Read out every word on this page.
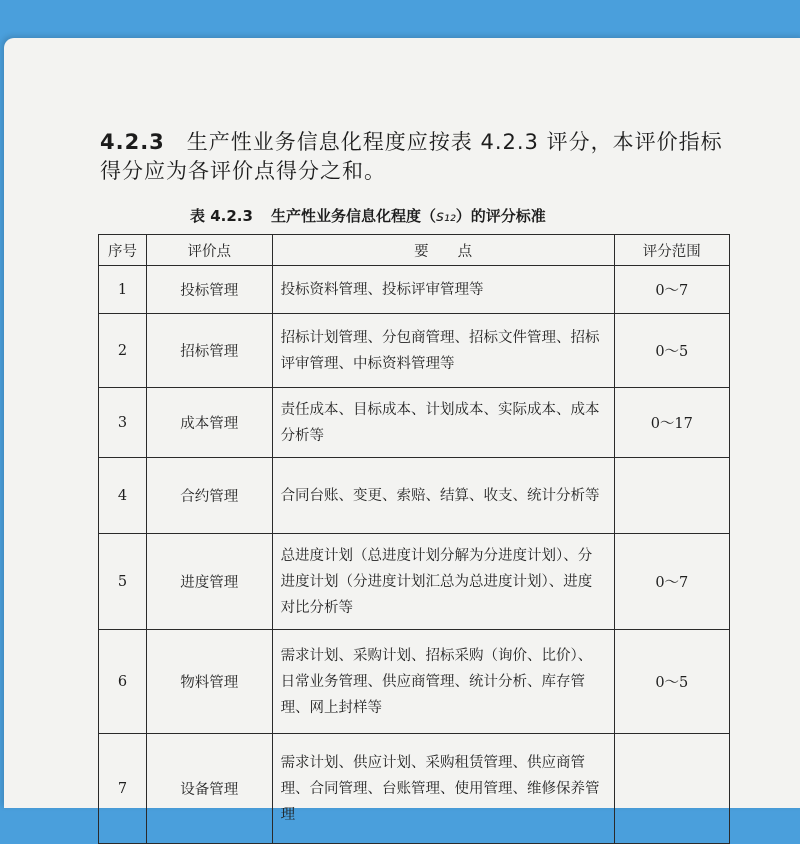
4.2.3 生产性业务信息化程度应按表 4.2.3 评分，本评价指标得分应为各评价点得分之和。
表 4.2.3 生产性业务信息化程度（s₁₂）的评分标准
序号	评价点	要　　点	评分范围
1	投标管理	投标资料管理、投标评审管理等	0～7
2	招标管理	招标计划管理、分包商管理、招标文件管理、招标评审管理、中标资料管理等	0～5
3	成本管理	责任成本、目标成本、计划成本、实际成本、成本分析等	0～17
4	合约管理	合同台账、变更、索赔、结算、收支、统计分析等	
5	进度管理	总进度计划（总进度计划分解为分进度计划）、分进度计划（分进度计划汇总为总进度计划）、进度对比分析等	0～7
6	物料管理	需求计划、采购计划、招标采购（询价、比价）、日常业务管理、供应商管理、统计分析、库存管理、网上封样等	0～5
7	设备管理	需求计划、供应计划、采购租赁管理、供应商管理、合同管理、台账管理、使用管理、维修保养管理	
